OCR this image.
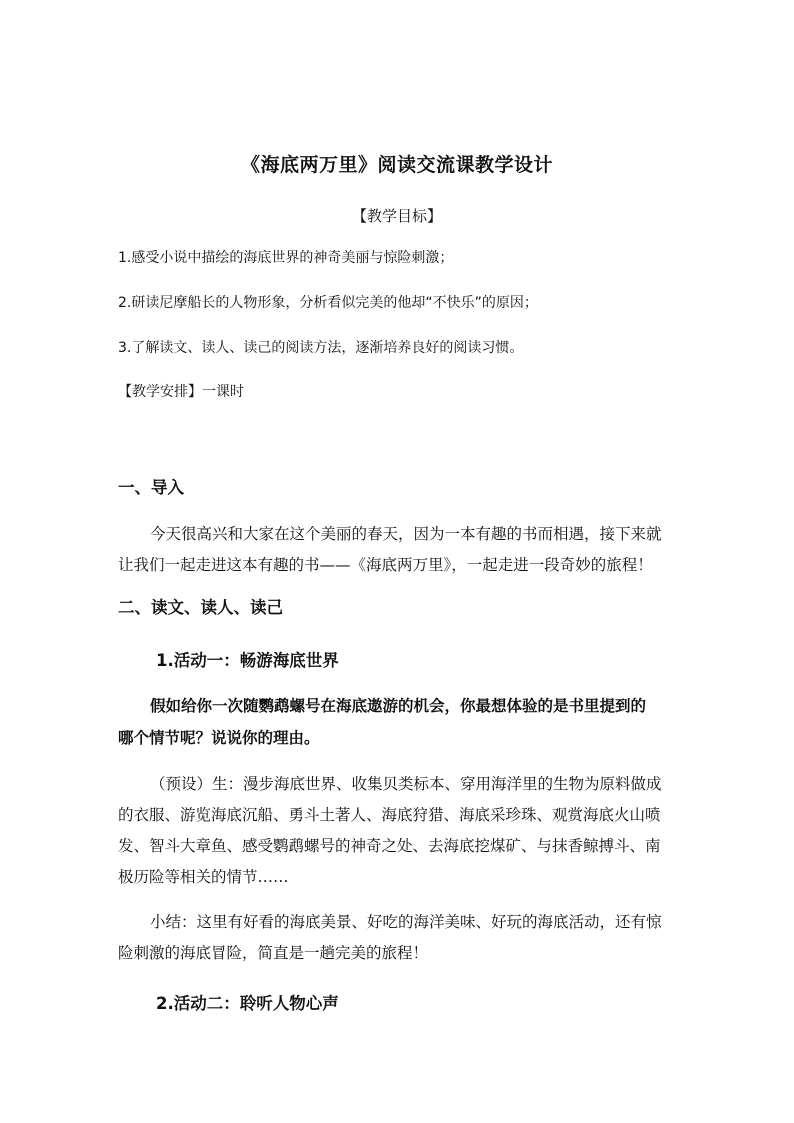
《海底两万里》阅读交流课教学设计

【教学目标】

1.感受小说中描绘的海底世界的神奇美丽与惊险刺激；

2.研读尼摩船长的人物形象，分析看似完美的他却“不快乐”的原因；

3.了解读文、读人、读己的阅读方法，逐渐培养良好的阅读习惯。

【教学安排】一课时

一、导入

今天很高兴和大家在这个美丽的春天，因为一本有趣的书而相遇，接下来就

让我们一起走进这本有趣的书——《海底两万里》，一起走进一段奇妙的旅程！

二、读文、读人、读己

1.活动一：畅游海底世界

假如给你一次随鹦鹉螺号在海底遨游的机会，你最想体验的是书里提到的

哪个情节呢？说说你的理由。

（预设）生：漫步海底世界、收集贝类标本、穿用海洋里的生物为原料做成

的衣服、游览海底沉船、勇斗土著人、海底狩猎、海底采珍珠、观赏海底火山喷

发、智斗大章鱼、感受鹦鹉螺号的神奇之处、去海底挖煤矿、与抹香鲸搏斗、南

极历险等相关的情节……

小结：这里有好看的海底美景、好吃的海洋美味、好玩的海底活动，还有惊

险刺激的海底冒险，简直是一趟完美的旅程！

2.活动二：聆听人物心声
